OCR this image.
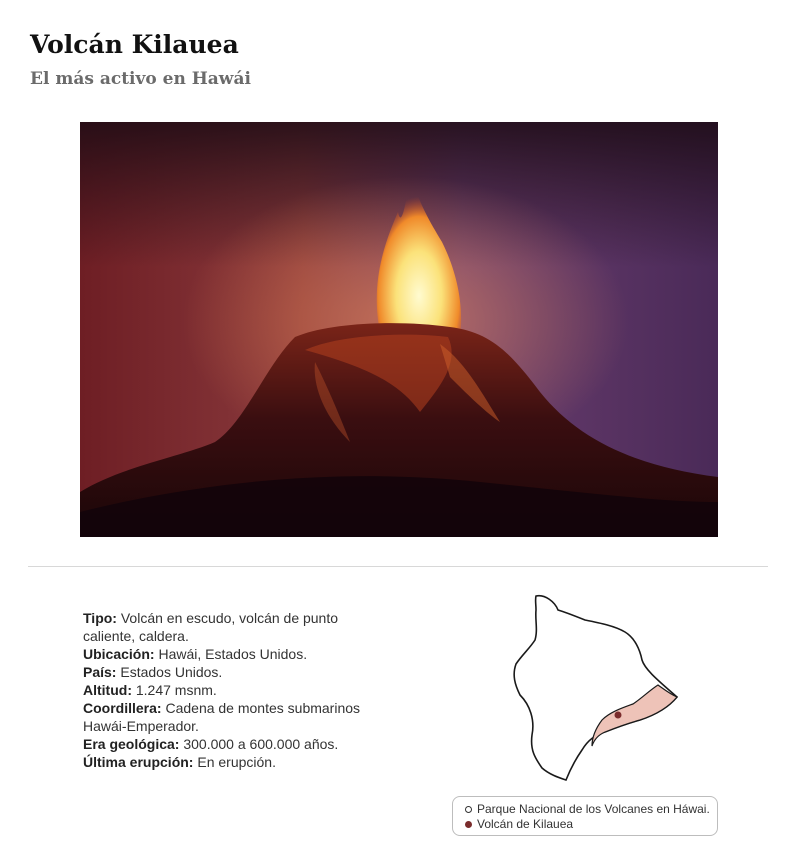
Volcán Kilauea
El más activo en Hawái
Tipo: Volcán en escudo, volcán de punto caliente, caldera.
Ubicación: Hawái, Estados Unidos.
País: Estados Unidos.
Altitud: 1.247 msnm.
Coordillera: Cadena de montes submarinos Hawái-Emperador.
Era geológica: 300.000 a 600.000 años.
Última erupción: En erupción.
Parque Nacional de los Volcanes en Háwai.
Volcán de Kilauea
